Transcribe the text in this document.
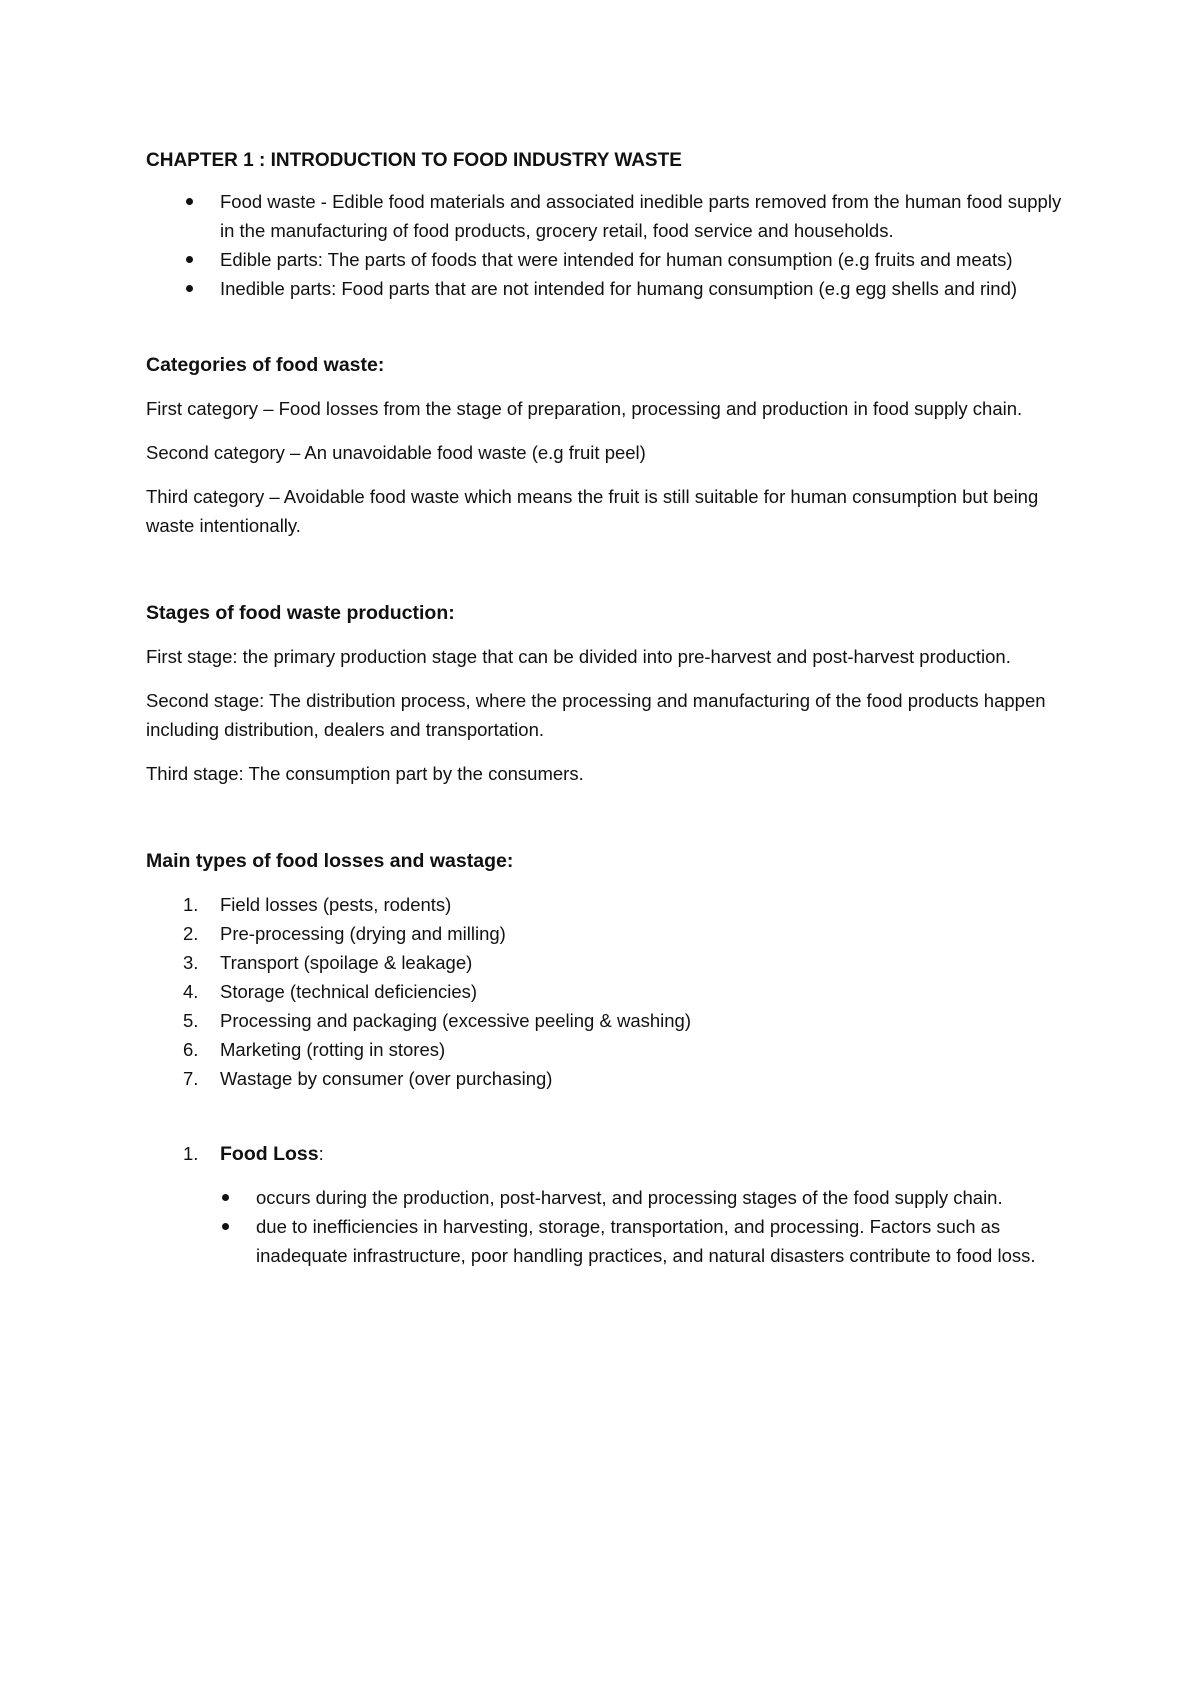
CHAPTER 1 : INTRODUCTION TO FOOD INDUSTRY WASTE
Food waste - Edible food materials and associated inedible parts removed from the human food supply in the manufacturing of food products, grocery retail, food service and households.
Edible parts: The parts of foods that were intended for human consumption (e.g fruits and meats)
Inedible parts: Food parts that are not intended for humang consumption (e.g egg shells and rind)
Categories of food waste:

First category – Food losses from the stage of preparation, processing and production in food supply chain.

Second category – An unavoidable food waste (e.g fruit peel)

Third category – Avoidable food waste which means the fruit is still suitable for human consumption but being waste intentionally.

Stages of food waste production:

First stage: the primary production stage that can be divided into pre-harvest and post-harvest production.

Second stage: The distribution process, where the processing and manufacturing of the food products happen including distribution, dealers and transportation.

Third stage: The consumption part by the consumers.

Main types of food losses and wastage:
1. Field losses (pests, rodents)
2. Pre-processing (drying and milling)
3. Transport (spoilage & leakage)
4. Storage (technical deficiencies)
5. Processing and packaging (excessive peeling & washing)
6. Marketing (rotting in stores)
7. Wastage by consumer (over purchasing)
1. Food Loss:
occurs during the production, post-harvest, and processing stages of the food supply chain.
due to inefficiencies in harvesting, storage, transportation, and processing. Factors such as inadequate infrastructure, poor handling practices, and natural disasters contribute to food loss.
